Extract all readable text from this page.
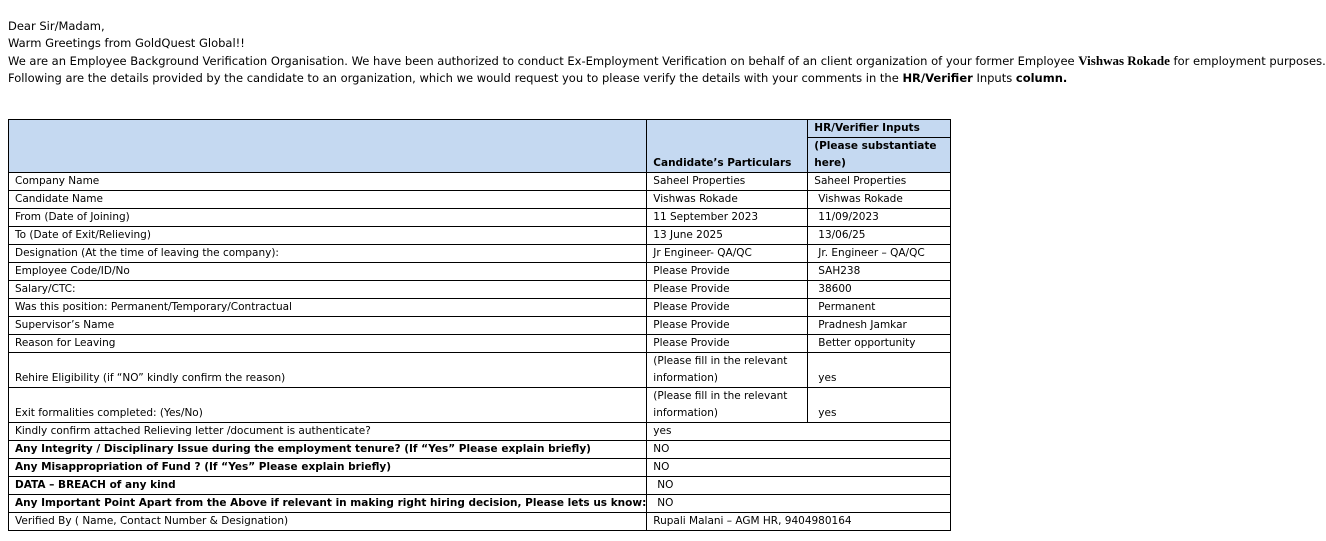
Dear Sir/Madam,

Warm Greetings from GoldQuest Global!!

We are an Employee Background Verification Organisation. We have been authorized to conduct Ex-Employment Verification on behalf of an client organization of your former Employee Vishwas Rokade for employment purposes.

Following are the details provided by the candidate to an organization, which we would request you to please verify the details with your comments in the HR/Verifier Inputs column.

	Candidate’s Particulars	HR/Verifier Inputs
(Please substantiate here)

Company Name	Saheel Properties	Saheel Properties
Candidate Name	Vishwas Rokade	Vishwas Rokade
From (Date of Joining)	11 September 2023	11/09/2023
To (Date of Exit/Relieving)	13 June 2025	13/06/25
Designation (At the time of leaving the company):	Jr Engineer- QA/QC	Jr. Engineer – QA/QC
Employee Code/ID/No	Please Provide	SAH238
Salary/CTC:	Please Provide	38600
Was this position: Permanent/Temporary/Contractual	Please Provide	Permanent
Supervisor’s Name	Please Provide	Pradnesh Jamkar
Reason for Leaving	Please Provide	Better opportunity
Rehire Eligibility (if “NO” kindly confirm the reason)	(Please fill in the relevant information)	yes
Exit formalities completed: (Yes/No)	(Please fill in the relevant information)	yes
Kindly confirm attached Relieving letter /document is authenticate?	yes	
Any Integrity / Disciplinary Issue during the employment tenure? (If “Yes” Please explain briefly)	NO	
Any Misappropriation of Fund ? (If “Yes” Please explain briefly)	NO	
DATA – BREACH of any kind	NO	
Any Important Point Apart from the Above if relevant in making right hiring decision, Please lets us know:	NO	
Verified By ( Name, Contact Number & Designation)	Rupali Malani – AGM HR, 9404980164	
